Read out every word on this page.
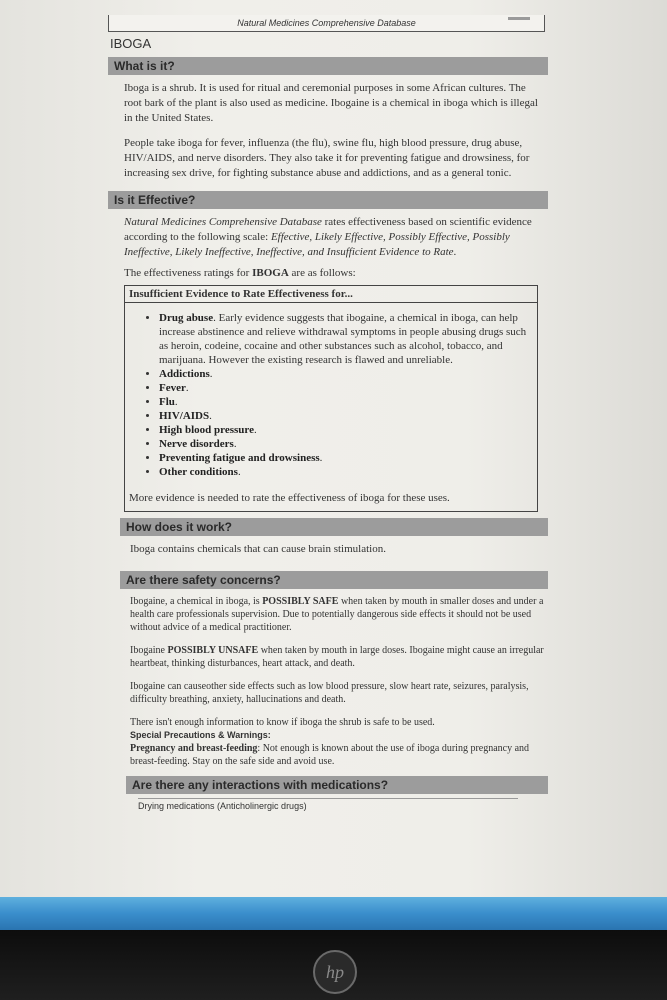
Natural Medicines Comprehensive Database
IBOGA
What is it?

Iboga is a shrub. It is used for ritual and ceremonial purposes in some African cultures. The root bark of the plant is also used as medicine. Ibogaine is a chemical in iboga which is illegal in the United States.

People take iboga for fever, influenza (the flu), swine flu, high blood pressure, drug abuse, HIV/AIDS, and nerve disorders. They also take it for preventing fatigue and drowsiness, for increasing sex drive, for fighting substance abuse and addictions, and as a general tonic.

Is it Effective?

Natural Medicines Comprehensive Database rates effectiveness based on scientific evidence according to the following scale: Effective, Likely Effective, Possibly Effective, Possibly Ineffective, Likely Ineffective, Ineffective, and Insufficient Evidence to Rate.

The effectiveness ratings for IBOGA are as follows:

Insufficient Evidence to Rate Effectiveness for...
• Drug abuse. Early evidence suggests that ibogaine, a chemical in iboga, can help increase abstinence and relieve withdrawal symptoms in people abusing drugs such as heroin, codeine, cocaine and other substances such as alcohol, tobacco, and marijuana. However the existing research is flawed and unreliable.
• Addictions.
• Fever.
• Flu.
• HIV/AIDS.
• High blood pressure.
• Nerve disorders.
• Preventing fatigue and drowsiness.
• Other conditions.
More evidence is needed to rate the effectiveness of iboga for these uses.
How does it work?

Iboga contains chemicals that can cause brain stimulation.

Are there safety concerns?

Ibogaine, a chemical in iboga, is POSSIBLY SAFE when taken by mouth in smaller doses and under a health care professionals supervision. Due to potentially dangerous side effects it should not be used without advice of a medical practitioner.

Ibogaine POSSIBLY UNSAFE when taken by mouth in large doses. Ibogaine might cause an irregular heartbeat, thinking disturbances, heart attack, and death.

Ibogaine can causeother side effects such as low blood pressure, slow heart rate, seizures, paralysis, difficulty breathing, anxiety, hallucinations and death.

There isn't enough information to know if iboga the shrub is safe to be used.
Special Precautions & Warnings:
Pregnancy and breast-feeding: Not enough is known about the use of iboga during pregnancy and breast-feeding. Stay on the safe side and avoid use.

Are there any interactions with medications?
Drying medications (Anticholinergic drugs)
hp
